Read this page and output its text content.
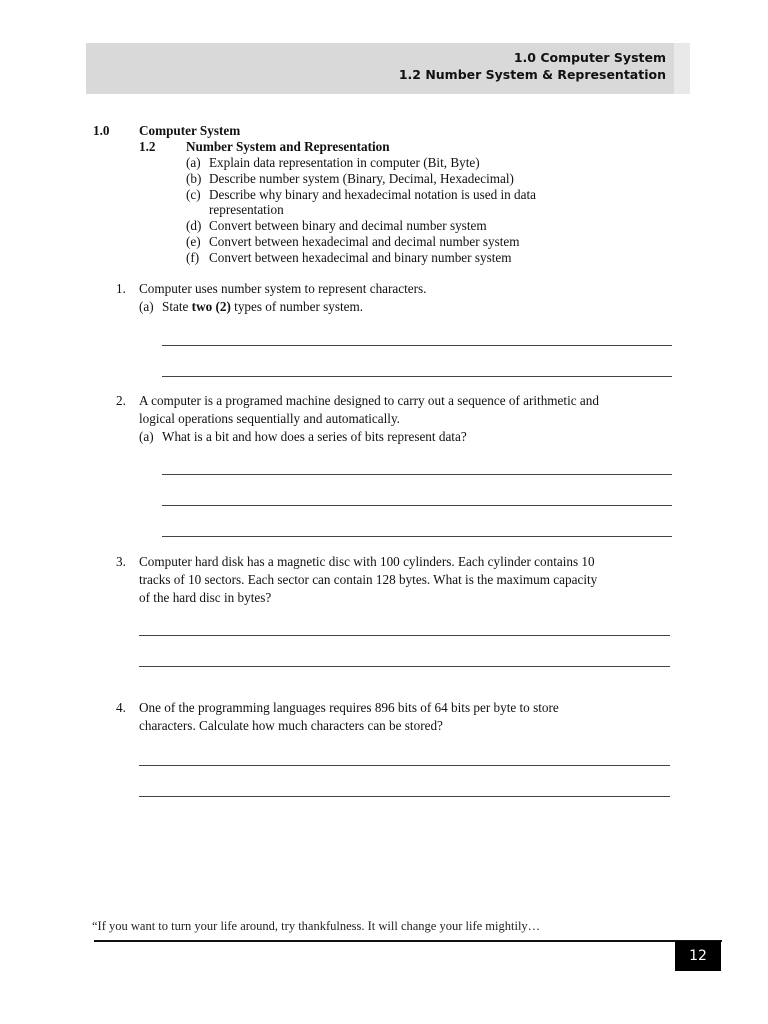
1.0 Computer System
1.2 Number System & Representation
1.0 Computer System
1.2 Number System and Representation
(a) Explain data representation in computer (Bit, Byte)
(b) Describe number system (Binary, Decimal, Hexadecimal)
(c) Describe why binary and hexadecimal notation is used in data
representation
(d) Convert between binary and decimal number system
(e) Convert between hexadecimal and decimal number system
(f) Convert between hexadecimal and binary number system
1. Computer uses number system to represent characters.
(a) State two (2) types of number system.
2. A computer is a programed machine designed to carry out a sequence of arithmetic and
logical operations sequentially and automatically.
(a) What is a bit and how does a series of bits represent data?
3. Computer hard disk has a magnetic disc with 100 cylinders. Each cylinder contains 10
tracks of 10 sectors. Each sector can contain 128 bytes. What is the maximum capacity
of the hard disc in bytes?
4. One of the programming languages requires 896 bits of 64 bits per byte to store
characters. Calculate how much characters can be stored?
“If you want to turn your life around, try thankfulness. It will change your life mightily…
12
